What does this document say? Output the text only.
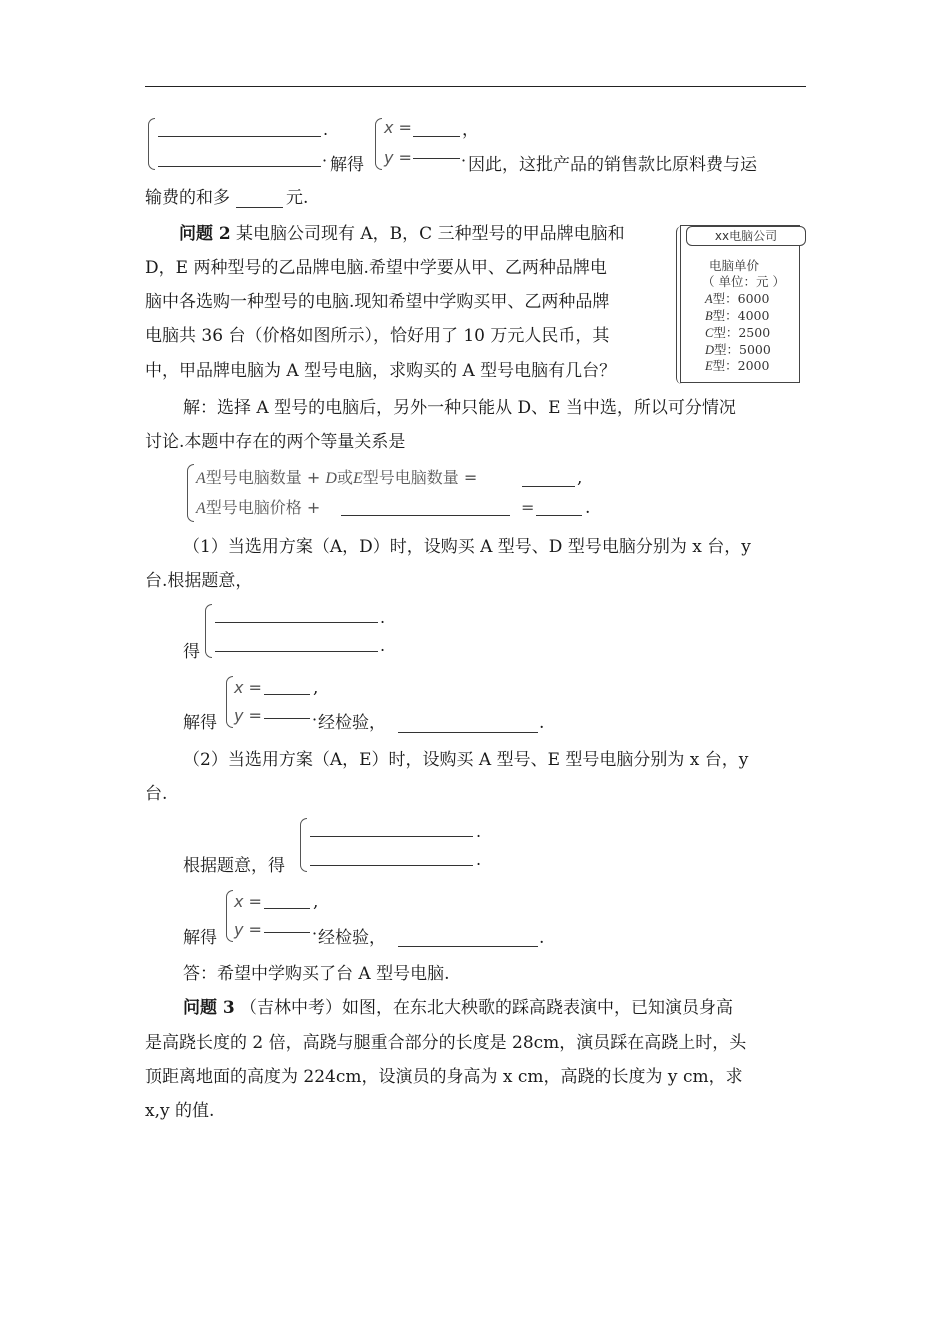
.
· 解得
x =	，
y =	· 因此，这批产品的销售款比原料费与运
输费的和多	元.
问题 2 某电脑公司现有 A，B，C 三种型号的甲品牌电脑和
D，E 两种型号的乙品牌电脑.希望中学要从甲、乙两种品牌电
脑中各选购一种型号的电脑.现知希望中学购买甲、乙两种品牌
电脑共 36 台（价格如图所示），恰好用了 10 万元人民币，其
中，甲品牌电脑为 A 型号电脑，求购买的 A 型号电脑有几台？
xx电脑公司
电脑单价
（ 单位：元 ）
A型：6000
B型：4000
C型：2500
D型：5000
E型：2000
解：选择 A 型号的电脑后，另外一种只能从 D、E 当中选，所以可分情况
讨论.本题中存在的两个等量关系是
A型号电脑数量 + D或E型号电脑数量 =	,
A型号电脑价格 +	=	.
（1）当选用方案（A，D）时，设购买 A 型号、D 型号电脑分别为 x 台，y
台.根据题意，
.
.
得
x =	,
y =	·
解得	经检验，	.
（2）当选用方案（A，E）时，设购买 A 型号、E 型号电脑分别为 x 台，y
台.
.
.
根据题意，得
x =	,
y =	·
解得	经检验，	.
答：希望中学购买了台 A 型号电脑.
问题 3 （吉林中考）如图，在东北大秧歌的踩高跷表演中，已知演员身高
是高跷长度的 2 倍，高跷与腿重合部分的长度是 28cm，演员踩在高跷上时，头
顶距离地面的高度为 224cm，设演员的身高为 x cm，高跷的长度为 y cm，求
x,y 的值.
